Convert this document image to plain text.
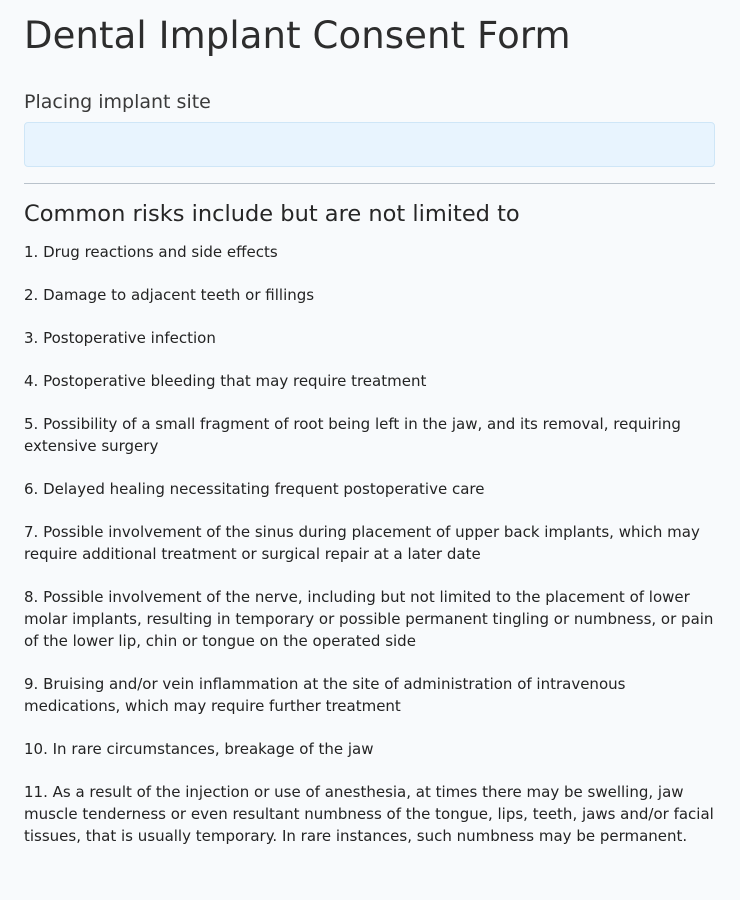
Dental Implant Consent Form
Placing implant site
Common risks include but are not limited to
1. Drug reactions and side effects
2. Damage to adjacent teeth or fillings
3. Postoperative infection
4. Postoperative bleeding that may require treatment
5. Possibility of a small fragment of root being left in the jaw, and its removal, requiring extensive surgery
6. Delayed healing necessitating frequent postoperative care
7. Possible involvement of the sinus during placement of upper back implants, which may require additional treatment or surgical repair at a later date
8. Possible involvement of the nerve, including but not limited to the placement of lower molar implants, resulting in temporary or possible permanent tingling or numbness, or pain of the lower lip, chin or tongue on the operated side
9. Bruising and/or vein inflammation at the site of administration of intravenous medications, which may require further treatment
10. In rare circumstances, breakage of the jaw
11. As a result of the injection or use of anesthesia, at times there may be swelling, jaw muscle tenderness or even resultant numbness of the tongue, lips, teeth, jaws and/or facial tissues, that is usually temporary. In rare instances, such numbness may be permanent.
